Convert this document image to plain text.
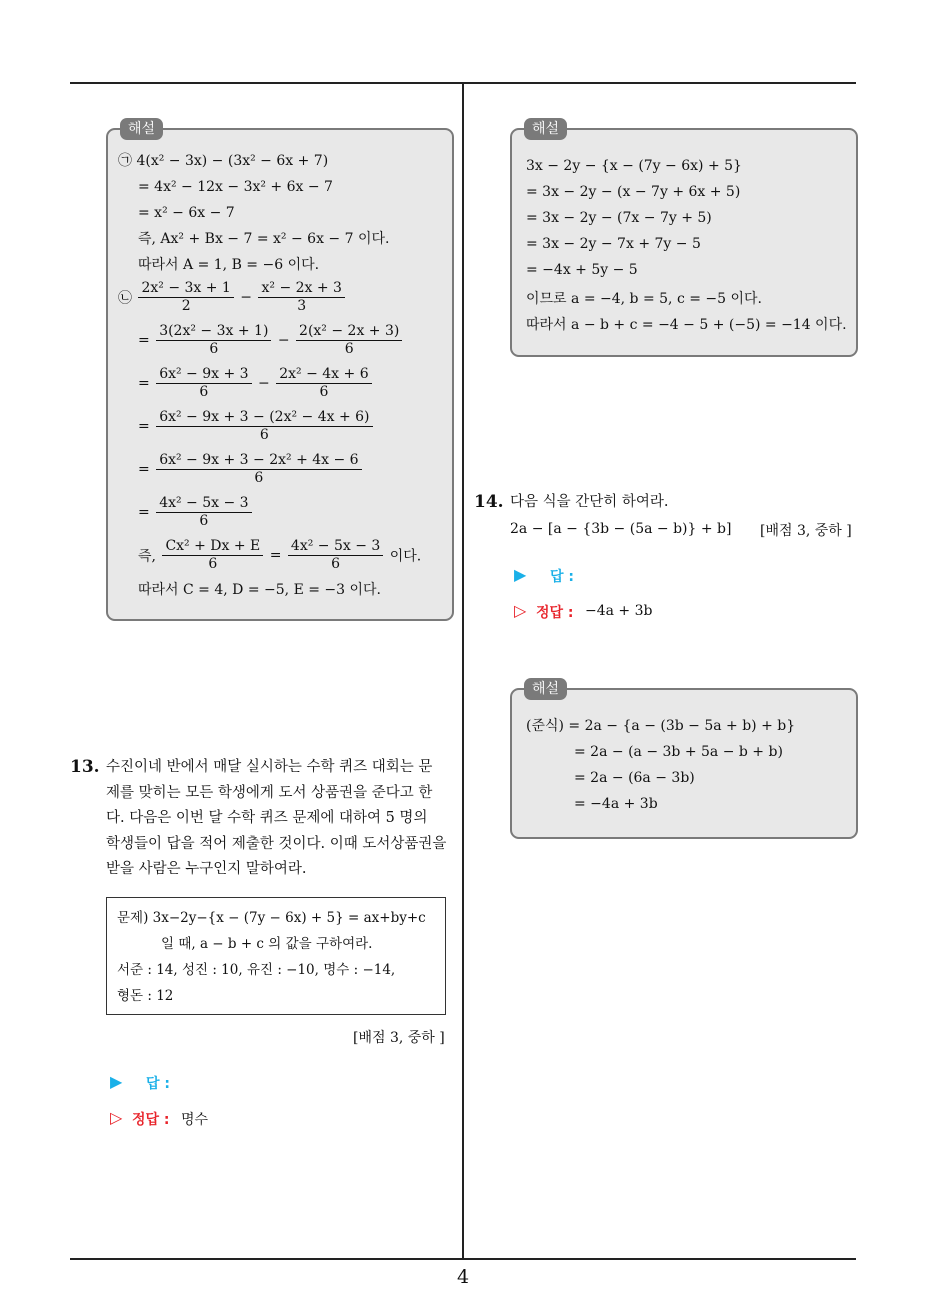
4
㉠ 4(x² − 3x) − (3x² − 6x + 7)
= 4x² − 12x − 3x² + 6x − 7
= x² − 6x − 7
즉, Ax² + Bx − 7 = x² − 6x − 7 이다.
따라서 A = 1, B = −6 이다.
㉡ $\frac{\text{2x² − 3x + 1}}{2} - \frac{\text{x² − 2x + 3}}{3}$
= $\frac{\text{3(2x² − 3x + 1)}}{6} - \frac{\text{2(x² − 2x + 3)}}{6}$
= $\frac{\text{6x² − 9x + 3}}{6} - \frac{\text{2x² − 4x + 6}}{6}$
= $\frac{\text{6x² − 9x + 3 − (2x² − 4x + 6)}}{6}$
= $\frac{\text{6x² − 9x + 3 − 2x² + 4x − 6}}{6}$
= $\frac{\text{4x² − 5x − 3}}{6}$
즉, $\frac{\text{Cx² + Dx + E}}{6} = \frac{\text{4x² − 5x − 3}}{6}$ 이다.
따라서 C = 4, D = −5, E = −3 이다.
해설
13. 수진이네 반에서 매달 실시하는 수학 퀴즈 대회는 문
제를 맞히는 모든 학생에게 도서 상품권을 준다고 한
다. 다음은 이번 달 수학 퀴즈 문제에 대하여 5 명의
학생들이 답을 적어 제출한 것이다. 이때 도서상품권을
받을 사람은 누구인지 말하여라.
문제) 3x−2y−{x − (7y − 6x) + 5} = ax+by+c
일 때, a − b + c 의 값을 구하여라.
서준 : 14, 성진 : 10, 유진 : −10, 명수 : −14,
형돈 : 12
[배점 3, 중하 ]
▶ 답 :
▷ 정답 : 명수
3x − 2y − {x − (7y − 6x) + 5}
= 3x − 2y − (x − 7y + 6x + 5)
= 3x − 2y − (7x − 7y + 5)
= 3x − 2y − 7x + 7y − 5
= −4x + 5y − 5
이므로 a = −4, b = 5, c = −5 이다.
따라서 a − b + c = −4 − 5 + (−5) = −14 이다.
해설
14. 다음 식을 간단히 하여라.
2a − [a − {3b − (5a − b)} + b] [배점 3, 중하 ]
▶ 답 :
▷ 정답 : −4a + 3b
(준식) = 2a − {a − (3b − 5a + b) + b}
= 2a − (a − 3b + 5a − b + b)
= 2a − (6a − 3b)
= −4a + 3b
해설
